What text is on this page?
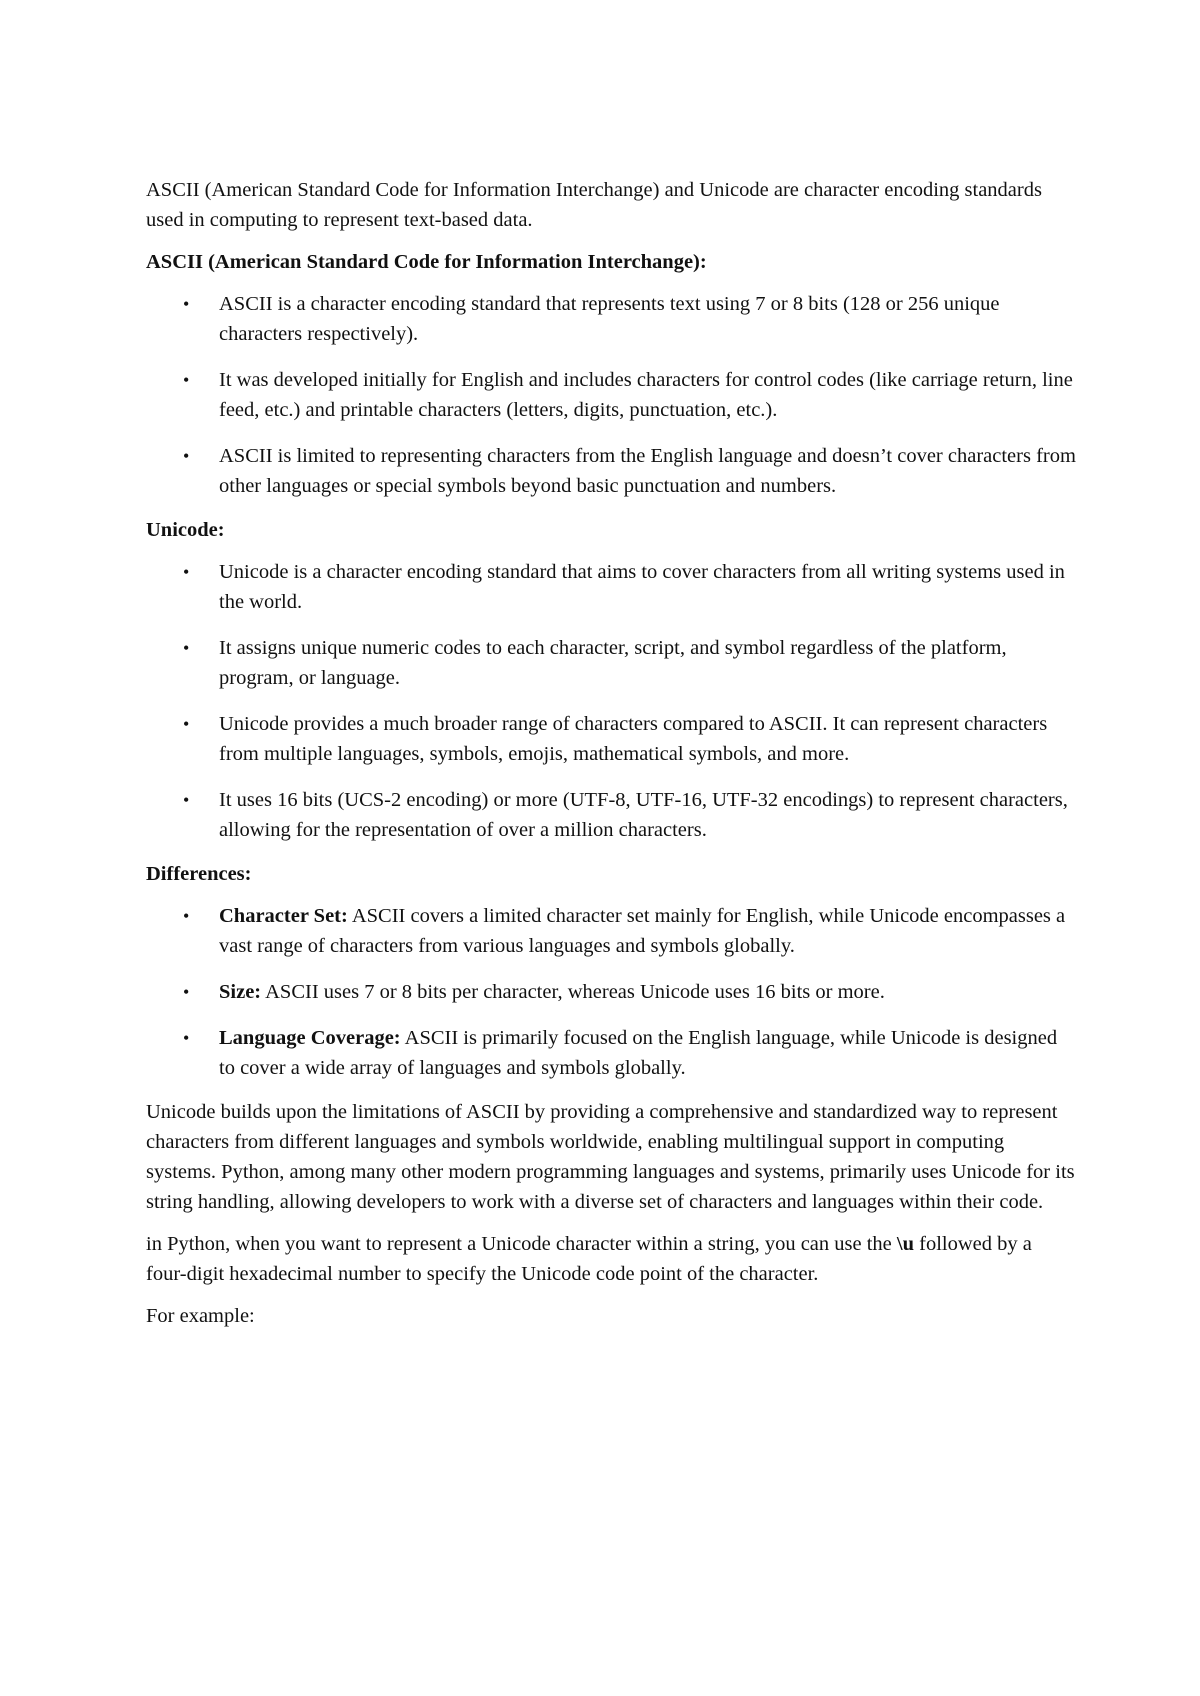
ASCII (American Standard Code for Information Interchange) and Unicode are character encoding standards used in computing to represent text-based data.

ASCII (American Standard Code for Information Interchange):
• ASCII is a character encoding standard that represents text using 7 or 8 bits (128 or 256 unique characters respectively).
• It was developed initially for English and includes characters for control codes (like carriage return, line feed, etc.) and printable characters (letters, digits, punctuation, etc.).
• ASCII is limited to representing characters from the English language and doesn’t cover characters from other languages or special symbols beyond basic punctuation and numbers.
Unicode:
• Unicode is a character encoding standard that aims to cover characters from all writing systems used in the world.
• It assigns unique numeric codes to each character, script, and symbol regardless of the platform, program, or language.
• Unicode provides a much broader range of characters compared to ASCII. It can represent characters from multiple languages, symbols, emojis, mathematical symbols, and more.
• It uses 16 bits (UCS-2 encoding) or more (UTF-8, UTF-16, UTF-32 encodings) to represent characters, allowing for the representation of over a million characters.
Differences:
• Character Set: ASCII covers a limited character set mainly for English, while Unicode encompasses a vast range of characters from various languages and symbols globally.
• Size: ASCII uses 7 or 8 bits per character, whereas Unicode uses 16 bits or more.
• Language Coverage: ASCII is primarily focused on the English language, while Unicode is designed to cover a wide array of languages and symbols globally.

Unicode builds upon the limitations of ASCII by providing a comprehensive and standardized way to represent characters from different languages and symbols worldwide, enabling multilingual support in computing systems. Python, among many other modern programming languages and systems, primarily uses Unicode for its string handling, allowing developers to work with a diverse set of characters and languages within their code.

in Python, when you want to represent a Unicode character within a string, you can use the \u followed by a four-digit hexadecimal number to specify the Unicode code point of the character.

For example:
